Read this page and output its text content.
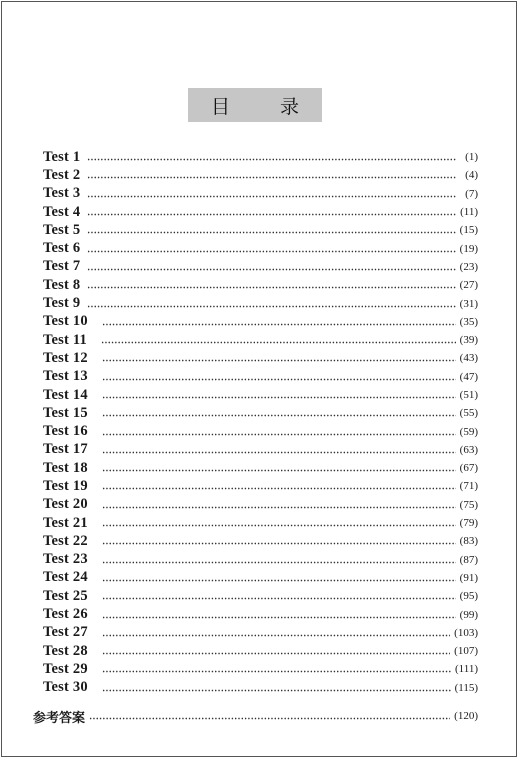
目 录
Test 1	(1)
Test 2	(4)
Test 3	(7)
Test 4	(11)
Test 5	(15)
Test 6	(19)
Test 7	(23)
Test 8	(27)
Test 9	(31)
Test 10	(35)
Test 11	(39)
Test 12	(43)
Test 13	(47)
Test 14	(51)
Test 15	(55)
Test 16	(59)
Test 17	(63)
Test 18	(67)
Test 19	(71)
Test 20	(75)
Test 21	(79)
Test 22	(83)
Test 23	(87)
Test 24	(91)
Test 25	(95)
Test 26	(99)
Test 27	(103)
Test 28	(107)
Test 29	(111)
Test 30	(115)
参考答案	(120)
